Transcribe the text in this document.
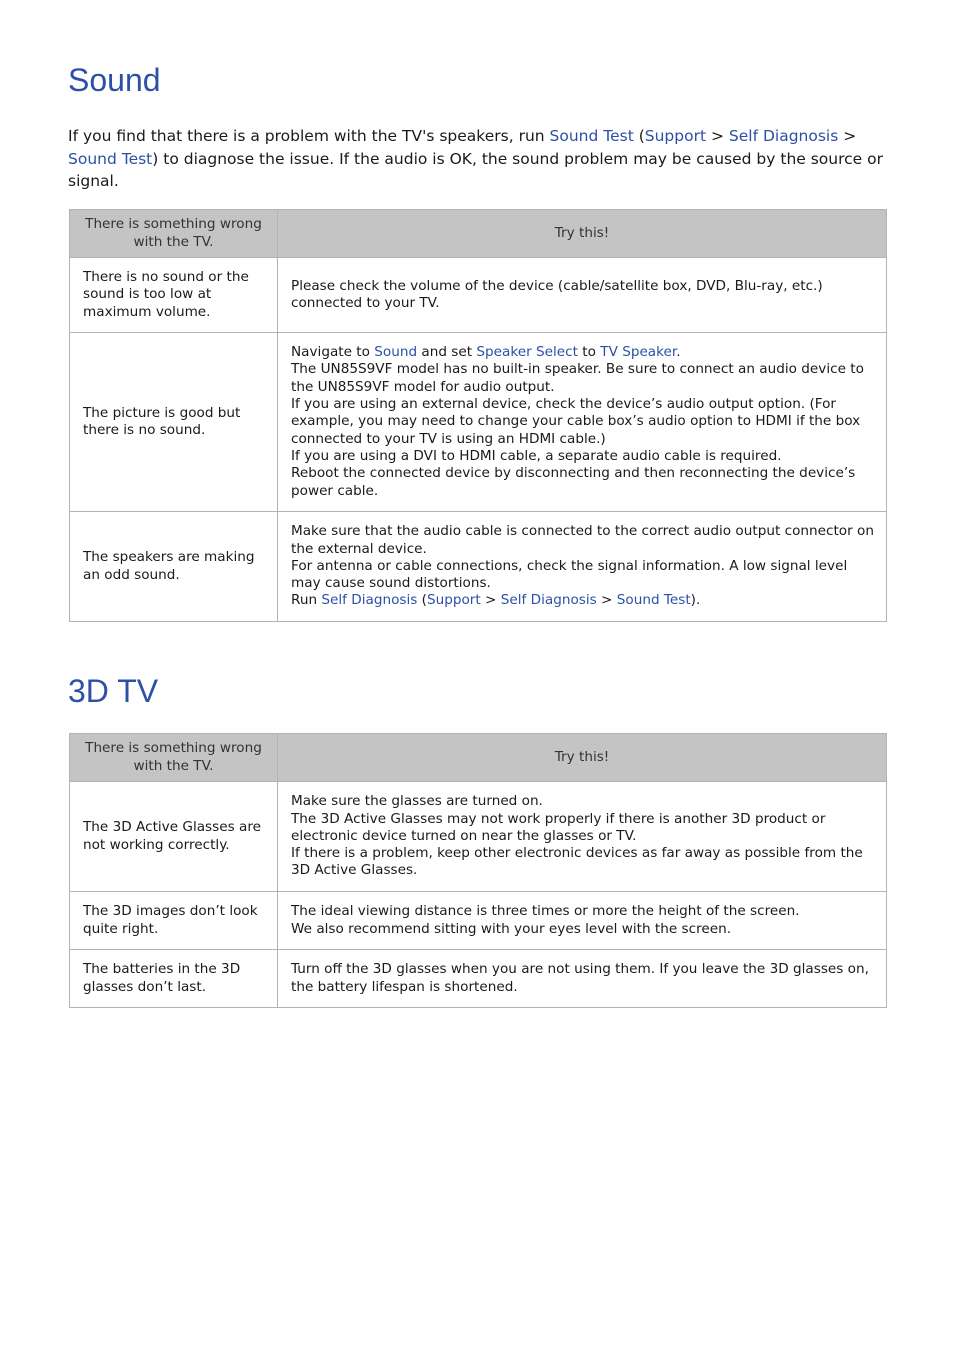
Sound

If you find that there is a problem with the TV's speakers, run Sound Test (Support > Self Diagnosis > Sound Test) to diagnose the issue. If the audio is OK, the sound problem may be caused by the source or signal.

There is something wrong with the TV.	Try this!
There is no sound or the sound is too low at maximum volume.	Please check the volume of the device (cable/satellite box, DVD, Blu-ray, etc.) connected to your TV.
The picture is good but there is no sound.	Navigate to Sound and set Speaker Select to TV Speaker.
The UN85S9VF model has no built-in speaker. Be sure to connect an audio device to the UN85S9VF model for audio output.
If you are using an external device, check the device’s audio output option. (For example, you may need to change your cable box’s audio option to HDMI if the box connected to your TV is using an HDMI cable.)
If you are using a DVI to HDMI cable, a separate audio cable is required.
Reboot the connected device by disconnecting and then reconnecting the device’s power cable.

The speakers are making an odd sound.	Make sure that the audio cable is connected to the correct audio output connector on the external device.
For antenna or cable connections, check the signal information. A low signal level may cause sound distortions.
Run Self Diagnosis (Support > Self Diagnosis > Sound Test).
3D TV
There is something wrong with the TV.	Try this!
The 3D Active Glasses are not working correctly.	Make sure the glasses are turned on.
The 3D Active Glasses may not work properly if there is another 3D product or electronic device turned on near the glasses or TV.
If there is a problem, keep other electronic devices as far away as possible from the 3D Active Glasses.

The 3D images don’t look quite right.	The ideal viewing distance is three times or more the height of the screen.
We also recommend sitting with your eyes level with the screen.

The batteries in the 3D glasses don’t last.	Turn off the 3D glasses when you are not using them. If you leave the 3D glasses on, the battery lifespan is shortened.
